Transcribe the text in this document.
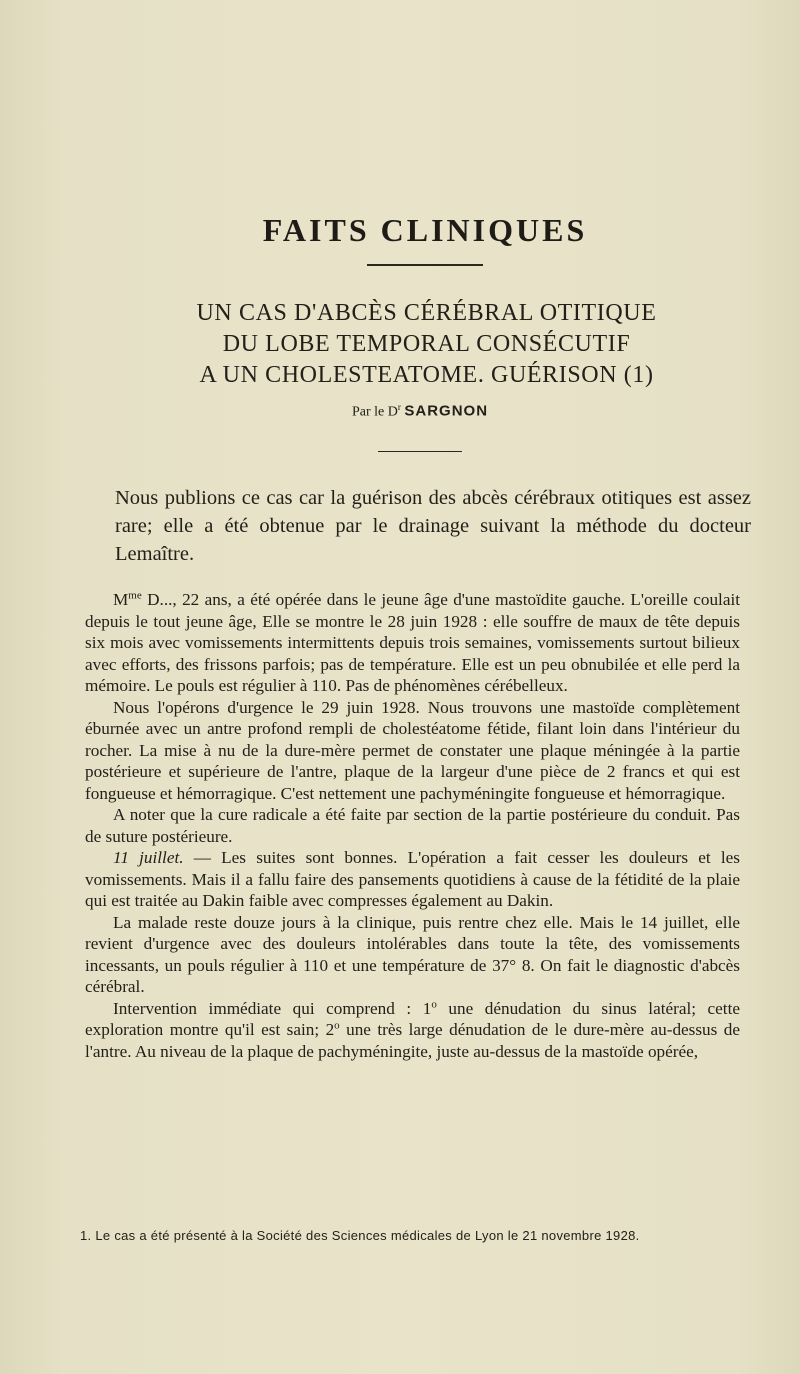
FAITS CLINIQUES
UN CAS D'ABCÈS CÉRÉBRAL OTITIQUE
DU LOBE TEMPORAL CONSÉCUTIF
A UN CHOLESTEATOME. GUÉRISON (1)
Par le $D^r$ SARGNON

Nous publions ce cas car la guérison des abcès cérébraux otitiques est assez rare; elle a été obtenue par le drainage suivant la méthode du docteur Lemaître.

$M^{me}$ D..., 22 ans, a été opérée dans le jeune âge d'une mastoïdite gauche. L'oreille coulait depuis le tout jeune âge, Elle se montre le 28 juin 1928 : elle souffre de maux de tête depuis six mois avec vomissements intermittents depuis trois semaines, vomissements surtout bilieux avec efforts, des frissons parfois; pas de température. Elle est un peu obnubilée et elle perd la mémoire. Le pouls est régulier à 110. Pas de phénomènes cérébelleux.

Nous l'opérons d'urgence le 29 juin 1928. Nous trouvons une mastoïde complètement éburnée avec un antre profond rempli de cholestéatome fétide, filant loin dans l'intérieur du rocher. La mise à nu de la dure-mère permet de constater une plaque méningée à la partie postérieure et supérieure de l'antre, plaque de la largeur d'une pièce de 2 francs et qui est fongueuse et hémorragique. C'est nettement une pachyméningite fongueuse et hémorragique.

A noter que la cure radicale a été faite par section de la partie postérieure du conduit. Pas de suture postérieure.

11 juillet. — Les suites sont bonnes. L'opération a fait cesser les douleurs et les vomissements. Mais il a fallu faire des pansements quotidiens à cause de la fétidité de la plaie qui est traitée au Dakin faible avec compresses également au Dakin.

La malade reste douze jours à la clinique, puis rentre chez elle. Mais le 14 juillet, elle revient d'urgence avec des douleurs intolérables dans toute la tête, des vomissements incessants, un pouls régulier à 110 et une température de 37° 8. On fait le diagnostic d'abcès cérébral.

Intervention immédiate qui comprend : 1$^o$ une dénudation du sinus latéral; cette exploration montre qu'il est sain; 2$^o$ une très large dénudation de le dure-mère au-dessus de l'antre. Au niveau de la plaque de pachyméningite, juste au-dessus de la mastoïde opérée,

1. Le cas a été présenté à la Société des Sciences médicales de Lyon le 21 novembre 1928.
